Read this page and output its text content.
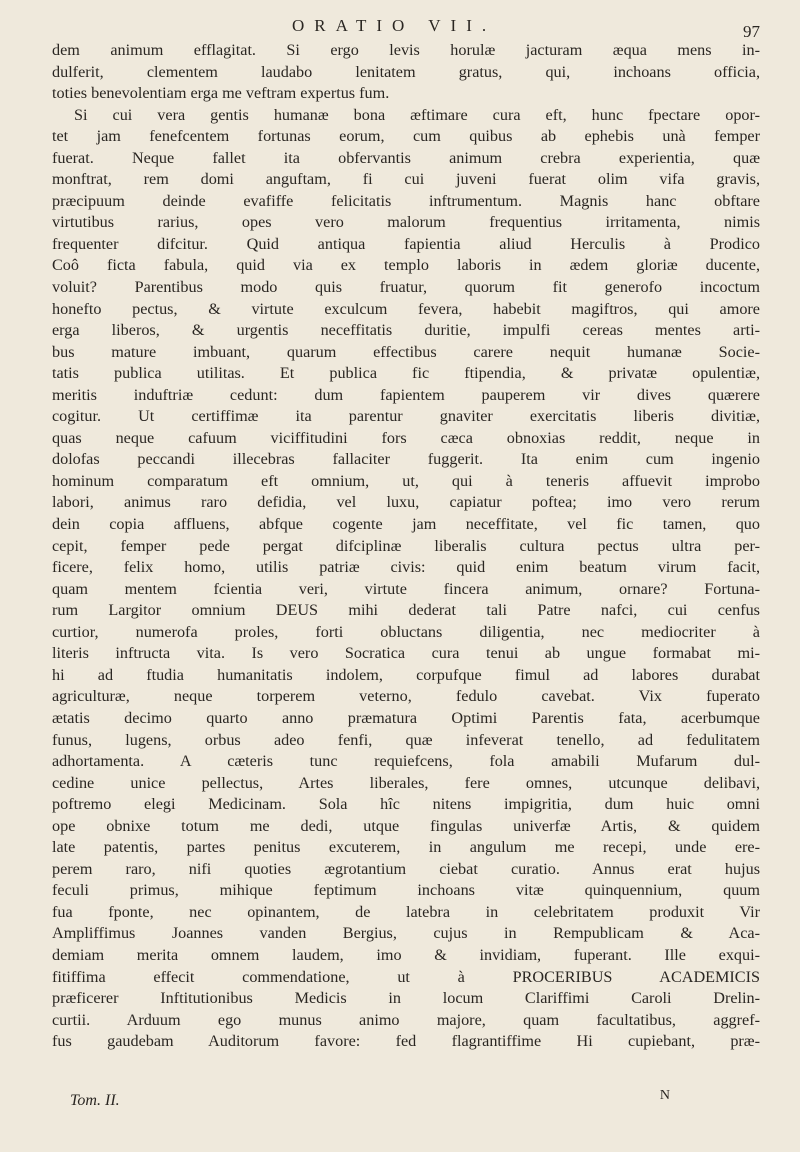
ORATIO VII.	97

dem animum efflagitat. Si ergo levis horulæ jacturam æqua mens in-
dulferit, clementem laudabo lenitatem gratus, qui, inchoans officia,
toties benevolentiam erga me veftram expertus fum.
Si cui vera gentis humanæ bona æftimare cura eft, hunc fpectare opor-
tet jam fenefcentem fortunas eorum, cum quibus ab ephebis unà femper
fuerat. Neque fallet ita obfervantis animum crebra experientia, quæ
monftrat, rem domi anguftam, fi cui juveni fuerat olim vifa gravis,
præcipuum deinde evafiffe felicitatis inftrumentum. Magnis hanc obftare
virtutibus rarius, opes vero malorum frequentius irritamenta, nimis
frequenter difcitur. Quid antiqua fapientia aliud Herculis à Prodico
Coô ficta fabula, quid via ex templo laboris in ædem gloriæ ducente,
voluit? Parentibus modo quis fruatur, quorum fit generofo incoctum
honefto pectus, & virtute exculcum fevera, habebit magiftros, qui amore
erga liberos, & urgentis neceffitatis duritie, impulfi cereas mentes arti-
bus mature imbuant, quarum effectibus carere nequit humanæ Socie-
tatis publica utilitas. Et publica fic ftipendia, & privatæ opulentiæ,
meritis induftriæ cedunt: dum fapientem pauperem vir dives quærere
cogitur. Ut certiffimæ ita parentur gnaviter exercitatis liberis divitiæ,
quas neque cafuum viciffitudini fors cæca obnoxias reddit, neque in
dolofas peccandi illecebras fallaciter fuggerit. Ita enim cum ingenio
hominum comparatum eft omnium, ut, qui à teneris affuevit improbo
labori, animus raro defidia, vel luxu, capiatur poftea; imo vero rerum
dein copia affluens, abfque cogente jam neceffitate, vel fic tamen, quo
cepit, femper pede pergat difciplinæ liberalis cultura pectus ultra per-
ficere, felix homo, utilis patriæ civis: quid enim beatum virum facit,
quam mentem fcientia veri, virtute fincera animum, ornare? Fortuna-
rum Largitor omnium DEUS mihi dederat tali Patre nafci, cui cenfus
curtior, numerofa proles, forti obluctans diligentia, nec mediocriter à
literis inftructa vita. Is vero Socratica cura tenui ab ungue formabat mi-
hi ad ftudia humanitatis indolem, corpufque fimul ad labores durabat
agriculturæ, neque torperem veterno, fedulo cavebat. Vix fuperato
ætatis decimo quarto anno præmatura Optimi Parentis fata, acerbumque
funus, lugens, orbus adeo fenfi, quæ infeverat tenello, ad fedulitatem
adhortamenta. A cæteris tunc requiefcens, fola amabili Mufarum dul-
cedine unice pellectus, Artes liberales, fere omnes, utcunque delibavi,
poftremo elegi Medicinam. Sola hîc nitens impigritia, dum huic omni
ope obnixe totum me dedi, utque fingulas univerfæ Artis, & quidem
late patentis, partes penitus excuterem, in angulum me recepi, unde ere-
perem raro, nifi quoties ægrotantium ciebat curatio. Annus erat hujus
feculi primus, mihique feptimum inchoans vitæ quinquennium, quum
fua fponte, nec opinantem, de latebra in celebritatem produxit Vir
Ampliffimus Joannes vanden Bergius, cujus in Rempublicam & Aca-
demiam merita omnem laudem, imo & invidiam, fuperant. Ille exqui-
fitiffima effecit commendatione, ut à PROCERIBUS ACADEMICIS
præficerer Inftitutionibus Medicis in locum Clariffimi Caroli Drelin-
curtii. Arduum ego munus animo majore, quam facultatibus, aggref-
fus gaudebam Auditorum favore: fed flagrantiffime Hi cupiebant, præ-

Tom. II.	N
